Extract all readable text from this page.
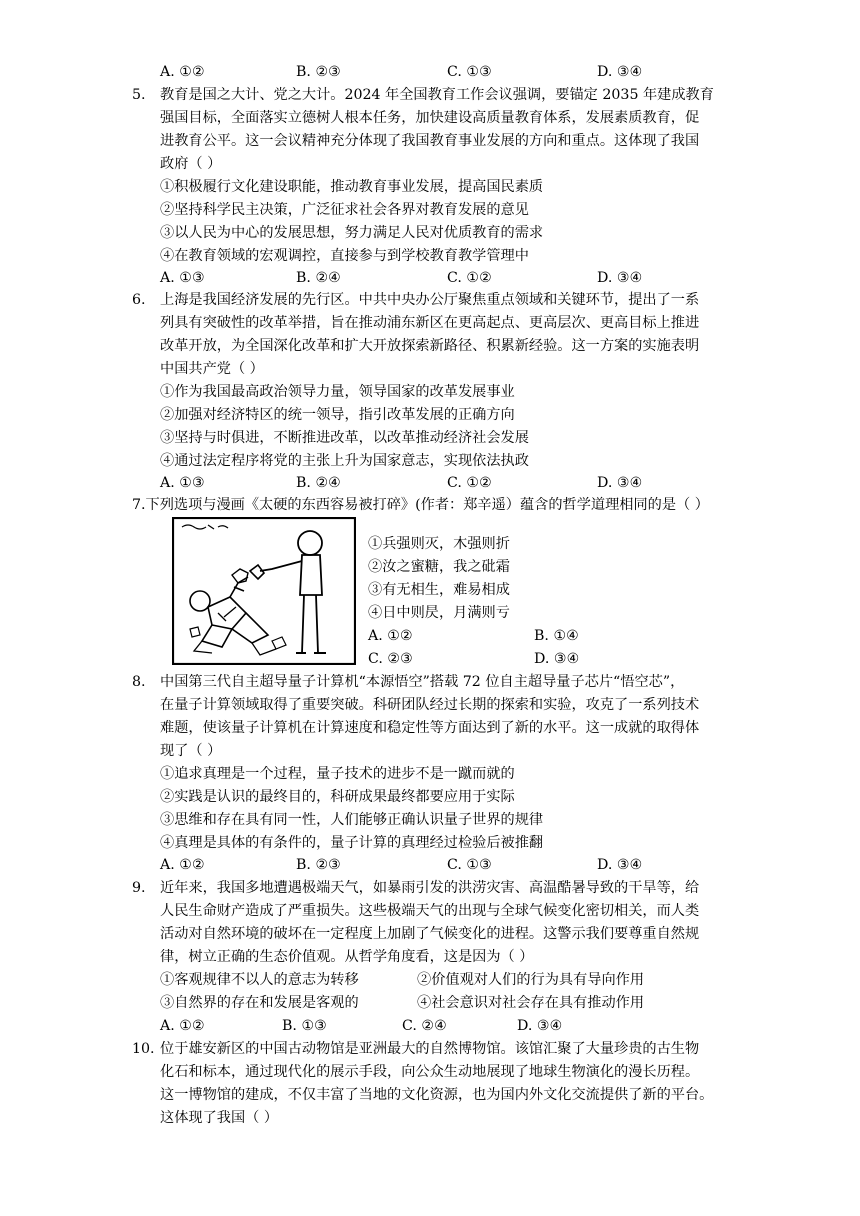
A. ①②	B. ②③	C. ①③	D. ③④
5. 教育是国之大计、党之大计。2024 年全国教育工作会议强调，要锚定 2035 年建成教育
强国目标，全面落实立德树人根本任务，加快建设高质量教育体系，发展素质教育，促
进教育公平。这一会议精神充分体现了我国教育事业发展的方向和重点。这体现了我国
政府（ ）
①积极履行文化建设职能，推动教育事业发展，提高国民素质
②坚持科学民主决策，广泛征求社会各界对教育发展的意见
③以人民为中心的发展思想，努力满足人民对优质教育的需求
④在教育领域的宏观调控，直接参与到学校教育教学管理中
A. ①③	B. ②④	C. ①②	D. ③④
6. 上海是我国经济发展的先行区。中共中央办公厅聚焦重点领域和关键环节，提出了一系
列具有突破性的改革举措，旨在推动浦东新区在更高起点、更高层次、更高目标上推进
改革开放，为全国深化改革和扩大开放探索新路径、积累新经验。这一方案的实施表明
中国共产党（ ）
①作为我国最高政治领导力量，领导国家的改革发展事业
②加强对经济特区的统一领导，指引改革发展的正确方向
③坚持与时俱进，不断推进改革，以改革推动经济社会发展
④通过法定程序将党的主张上升为国家意志，实现依法执政
A. ①③	B. ②④	C. ①②	D. ③④
7.下列选项与漫画《太硬的东西容易被打碎》(作者：郑辛遥）蕴含的哲学道理相同的是（ ）
①兵强则灭，木强则折
②汝之蜜糖，我之砒霜
③有无相生，难易相成
④日中则昃，月满则亏
A. ①②	B. ①④
C. ②③	D. ③④
8. 中国第三代自主超导量子计算机“本源悟空”搭载 72 位自主超导量子芯片“悟空芯”，
在量子计算领域取得了重要突破。科研团队经过长期的探索和实验，攻克了一系列技术
难题，使该量子计算机在计算速度和稳定性等方面达到了新的水平。这一成就的取得体
现了（ ）
①追求真理是一个过程，量子技术的进步不是一蹴而就的
②实践是认识的最终目的，科研成果最终都要应用于实际
③思维和存在具有同一性，人们能够正确认识量子世界的规律
④真理是具体的有条件的，量子计算的真理经过检验后被推翻
A. ①②	B. ②③	C. ①③	D. ③④
9. 近年来，我国多地遭遇极端天气，如暴雨引发的洪涝灾害、高温酷暑导致的干旱等，给
人民生命财产造成了严重损失。这些极端天气的出现与全球气候变化密切相关，而人类
活动对自然环境的破坏在一定程度上加剧了气候变化的进程。这警示我们要尊重自然规
律，树立正确的生态价值观。从哲学角度看，这是因为（ ）
①客观规律不以人的意志为转移	②价值观对人们的行为具有导向作用
③自然界的存在和发展是客观的	④社会意识对社会存在具有推动作用
A. ①②	B. ①③	C. ②④	D. ③④
10. 位于雄安新区的中国古动物馆是亚洲最大的自然博物馆。该馆汇聚了大量珍贵的古生物
化石和标本，通过现代化的展示手段，向公众生动地展现了地球生物演化的漫长历程。
这一博物馆的建成，不仅丰富了当地的文化资源，也为国内外文化交流提供了新的平台。
这体现了我国（ ）
